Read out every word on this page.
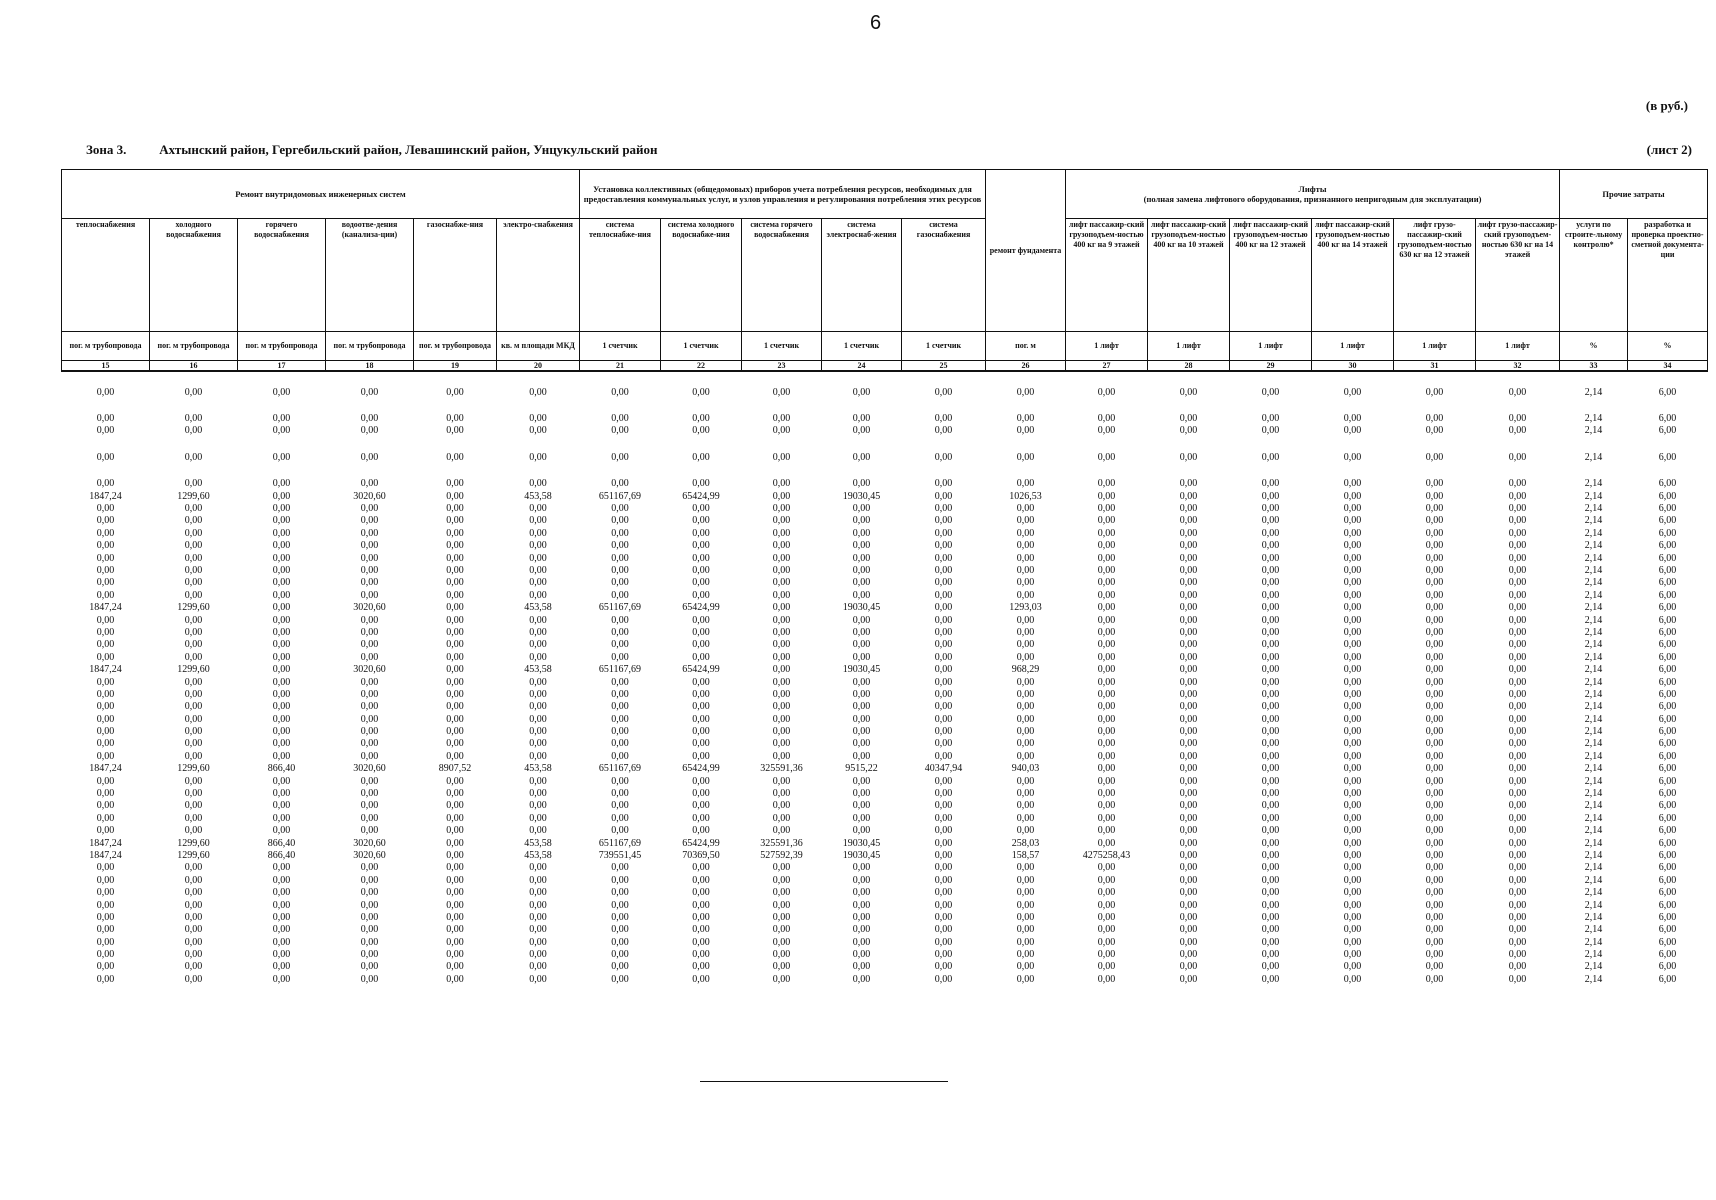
6
(в руб.)
Зона 3.	Ахтынский район, Гергебильский район, Левашинский район, Унцукульский район	(лист 2)
Ремонт внутридомовых инженерных систем						Установка коллективных (общедомовых) приборов учета потребления ресурсов, необходимых для предоставления коммунальных услуг, и узлов управления и регулирования потребления этих ресурсов					ремонт фундамента	Лифты
(полная замена лифтового оборудования, признанного непригодным для эксплуатации)						Прочие затраты	
теплоснабжения	холодного водоснабжения	горячего водоснабжения	водоотве-дения (канализа-ции)	газоснабже-ния	электро-снабжения	система теплоснабже-ния	система холодного водоснабже-ния	система горячего водоснабжения	система электроснаб-жения	система газоснабжения		лифт пассажир-ский грузоподъем-ностью 400 кг на 9 этажей	лифт пассажир-ский грузоподъем-ностью 400 кг на 10 этажей	лифт пассажир-ский грузоподъем-ностью 400 кг на 12 этажей	лифт пассажир-ский грузоподъем-ностью 400 кг на 14 этажей	лифт грузо-пассажир-ский грузоподъем-ностью 630 кг на 12 этажей	лифт грузо-пассажир-ский грузоподъем-ностью 630 кг на 14 этажей	услуги по строите-льному контролю*	разработка и проверка проектно-сметной документа-ции
пог. м трубопровода	пог. м трубопровода	пог. м трубопровода	пог. м трубопровода	пог. м трубопровода	кв. м площади МКД	1 счетчик	1 счетчик	1 счетчик	1 счетчик	1 счетчик	пог. м	1 лифт	1 лифт	1 лифт	1 лифт	1 лифт	1 лифт	%	%
15	16	17	18	19	20	21	22	23	24	25	26	27	28	29	30	31	32	33	34

0,00	0,00	0,00	0,00	0,00	0,00	0,00	0,00	0,00	0,00	0,00	0,00	0,00	0,00	0,00	0,00	0,00	0,00	2,14	6,00

0,00	0,00	0,00	0,00	0,00	0,00	0,00	0,00	0,00	0,00	0,00	0,00	0,00	0,00	0,00	0,00	0,00	0,00	2,14	6,00
0,00	0,00	0,00	0,00	0,00	0,00	0,00	0,00	0,00	0,00	0,00	0,00	0,00	0,00	0,00	0,00	0,00	0,00	2,14	6,00

0,00	0,00	0,00	0,00	0,00	0,00	0,00	0,00	0,00	0,00	0,00	0,00	0,00	0,00	0,00	0,00	0,00	0,00	2,14	6,00

0,00	0,00	0,00	0,00	0,00	0,00	0,00	0,00	0,00	0,00	0,00	0,00	0,00	0,00	0,00	0,00	0,00	0,00	2,14	6,00
1847,24	1299,60	0,00	3020,60	0,00	453,58	651167,69	65424,99	0,00	19030,45	0,00	1026,53	0,00	0,00	0,00	0,00	0,00	0,00	2,14	6,00
0,00	0,00	0,00	0,00	0,00	0,00	0,00	0,00	0,00	0,00	0,00	0,00	0,00	0,00	0,00	0,00	0,00	0,00	2,14	6,00
0,00	0,00	0,00	0,00	0,00	0,00	0,00	0,00	0,00	0,00	0,00	0,00	0,00	0,00	0,00	0,00	0,00	0,00	2,14	6,00
0,00	0,00	0,00	0,00	0,00	0,00	0,00	0,00	0,00	0,00	0,00	0,00	0,00	0,00	0,00	0,00	0,00	0,00	2,14	6,00
0,00	0,00	0,00	0,00	0,00	0,00	0,00	0,00	0,00	0,00	0,00	0,00	0,00	0,00	0,00	0,00	0,00	0,00	2,14	6,00
0,00	0,00	0,00	0,00	0,00	0,00	0,00	0,00	0,00	0,00	0,00	0,00	0,00	0,00	0,00	0,00	0,00	0,00	2,14	6,00
0,00	0,00	0,00	0,00	0,00	0,00	0,00	0,00	0,00	0,00	0,00	0,00	0,00	0,00	0,00	0,00	0,00	0,00	2,14	6,00
0,00	0,00	0,00	0,00	0,00	0,00	0,00	0,00	0,00	0,00	0,00	0,00	0,00	0,00	0,00	0,00	0,00	0,00	2,14	6,00
0,00	0,00	0,00	0,00	0,00	0,00	0,00	0,00	0,00	0,00	0,00	0,00	0,00	0,00	0,00	0,00	0,00	0,00	2,14	6,00
1847,24	1299,60	0,00	3020,60	0,00	453,58	651167,69	65424,99	0,00	19030,45	0,00	1293,03	0,00	0,00	0,00	0,00	0,00	0,00	2,14	6,00
0,00	0,00	0,00	0,00	0,00	0,00	0,00	0,00	0,00	0,00	0,00	0,00	0,00	0,00	0,00	0,00	0,00	0,00	2,14	6,00
0,00	0,00	0,00	0,00	0,00	0,00	0,00	0,00	0,00	0,00	0,00	0,00	0,00	0,00	0,00	0,00	0,00	0,00	2,14	6,00
0,00	0,00	0,00	0,00	0,00	0,00	0,00	0,00	0,00	0,00	0,00	0,00	0,00	0,00	0,00	0,00	0,00	0,00	2,14	6,00
0,00	0,00	0,00	0,00	0,00	0,00	0,00	0,00	0,00	0,00	0,00	0,00	0,00	0,00	0,00	0,00	0,00	0,00	2,14	6,00
1847,24	1299,60	0,00	3020,60	0,00	453,58	651167,69	65424,99	0,00	19030,45	0,00	968,29	0,00	0,00	0,00	0,00	0,00	0,00	2,14	6,00
0,00	0,00	0,00	0,00	0,00	0,00	0,00	0,00	0,00	0,00	0,00	0,00	0,00	0,00	0,00	0,00	0,00	0,00	2,14	6,00
0,00	0,00	0,00	0,00	0,00	0,00	0,00	0,00	0,00	0,00	0,00	0,00	0,00	0,00	0,00	0,00	0,00	0,00	2,14	6,00
0,00	0,00	0,00	0,00	0,00	0,00	0,00	0,00	0,00	0,00	0,00	0,00	0,00	0,00	0,00	0,00	0,00	0,00	2,14	6,00
0,00	0,00	0,00	0,00	0,00	0,00	0,00	0,00	0,00	0,00	0,00	0,00	0,00	0,00	0,00	0,00	0,00	0,00	2,14	6,00
0,00	0,00	0,00	0,00	0,00	0,00	0,00	0,00	0,00	0,00	0,00	0,00	0,00	0,00	0,00	0,00	0,00	0,00	2,14	6,00
0,00	0,00	0,00	0,00	0,00	0,00	0,00	0,00	0,00	0,00	0,00	0,00	0,00	0,00	0,00	0,00	0,00	0,00	2,14	6,00
0,00	0,00	0,00	0,00	0,00	0,00	0,00	0,00	0,00	0,00	0,00	0,00	0,00	0,00	0,00	0,00	0,00	0,00	2,14	6,00
1847,24	1299,60	866,40	3020,60	8907,52	453,58	651167,69	65424,99	325591,36	9515,22	40347,94	940,03	0,00	0,00	0,00	0,00	0,00	0,00	2,14	6,00
0,00	0,00	0,00	0,00	0,00	0,00	0,00	0,00	0,00	0,00	0,00	0,00	0,00	0,00	0,00	0,00	0,00	0,00	2,14	6,00
0,00	0,00	0,00	0,00	0,00	0,00	0,00	0,00	0,00	0,00	0,00	0,00	0,00	0,00	0,00	0,00	0,00	0,00	2,14	6,00
0,00	0,00	0,00	0,00	0,00	0,00	0,00	0,00	0,00	0,00	0,00	0,00	0,00	0,00	0,00	0,00	0,00	0,00	2,14	6,00
0,00	0,00	0,00	0,00	0,00	0,00	0,00	0,00	0,00	0,00	0,00	0,00	0,00	0,00	0,00	0,00	0,00	0,00	2,14	6,00
0,00	0,00	0,00	0,00	0,00	0,00	0,00	0,00	0,00	0,00	0,00	0,00	0,00	0,00	0,00	0,00	0,00	0,00	2,14	6,00
1847,24	1299,60	866,40	3020,60	0,00	453,58	651167,69	65424,99	325591,36	19030,45	0,00	258,03	0,00	0,00	0,00	0,00	0,00	0,00	2,14	6,00
1847,24	1299,60	866,40	3020,60	0,00	453,58	739551,45	70369,50	527592,39	19030,45	0,00	158,57	4275258,43	0,00	0,00	0,00	0,00	0,00	2,14	6,00
0,00	0,00	0,00	0,00	0,00	0,00	0,00	0,00	0,00	0,00	0,00	0,00	0,00	0,00	0,00	0,00	0,00	0,00	2,14	6,00
0,00	0,00	0,00	0,00	0,00	0,00	0,00	0,00	0,00	0,00	0,00	0,00	0,00	0,00	0,00	0,00	0,00	0,00	2,14	6,00
0,00	0,00	0,00	0,00	0,00	0,00	0,00	0,00	0,00	0,00	0,00	0,00	0,00	0,00	0,00	0,00	0,00	0,00	2,14	6,00
0,00	0,00	0,00	0,00	0,00	0,00	0,00	0,00	0,00	0,00	0,00	0,00	0,00	0,00	0,00	0,00	0,00	0,00	2,14	6,00
0,00	0,00	0,00	0,00	0,00	0,00	0,00	0,00	0,00	0,00	0,00	0,00	0,00	0,00	0,00	0,00	0,00	0,00	2,14	6,00
0,00	0,00	0,00	0,00	0,00	0,00	0,00	0,00	0,00	0,00	0,00	0,00	0,00	0,00	0,00	0,00	0,00	0,00	2,14	6,00
0,00	0,00	0,00	0,00	0,00	0,00	0,00	0,00	0,00	0,00	0,00	0,00	0,00	0,00	0,00	0,00	0,00	0,00	2,14	6,00
0,00	0,00	0,00	0,00	0,00	0,00	0,00	0,00	0,00	0,00	0,00	0,00	0,00	0,00	0,00	0,00	0,00	0,00	2,14	6,00
0,00	0,00	0,00	0,00	0,00	0,00	0,00	0,00	0,00	0,00	0,00	0,00	0,00	0,00	0,00	0,00	0,00	0,00	2,14	6,00
0,00	0,00	0,00	0,00	0,00	0,00	0,00	0,00	0,00	0,00	0,00	0,00	0,00	0,00	0,00	0,00	0,00	0,00	2,14	6,00
